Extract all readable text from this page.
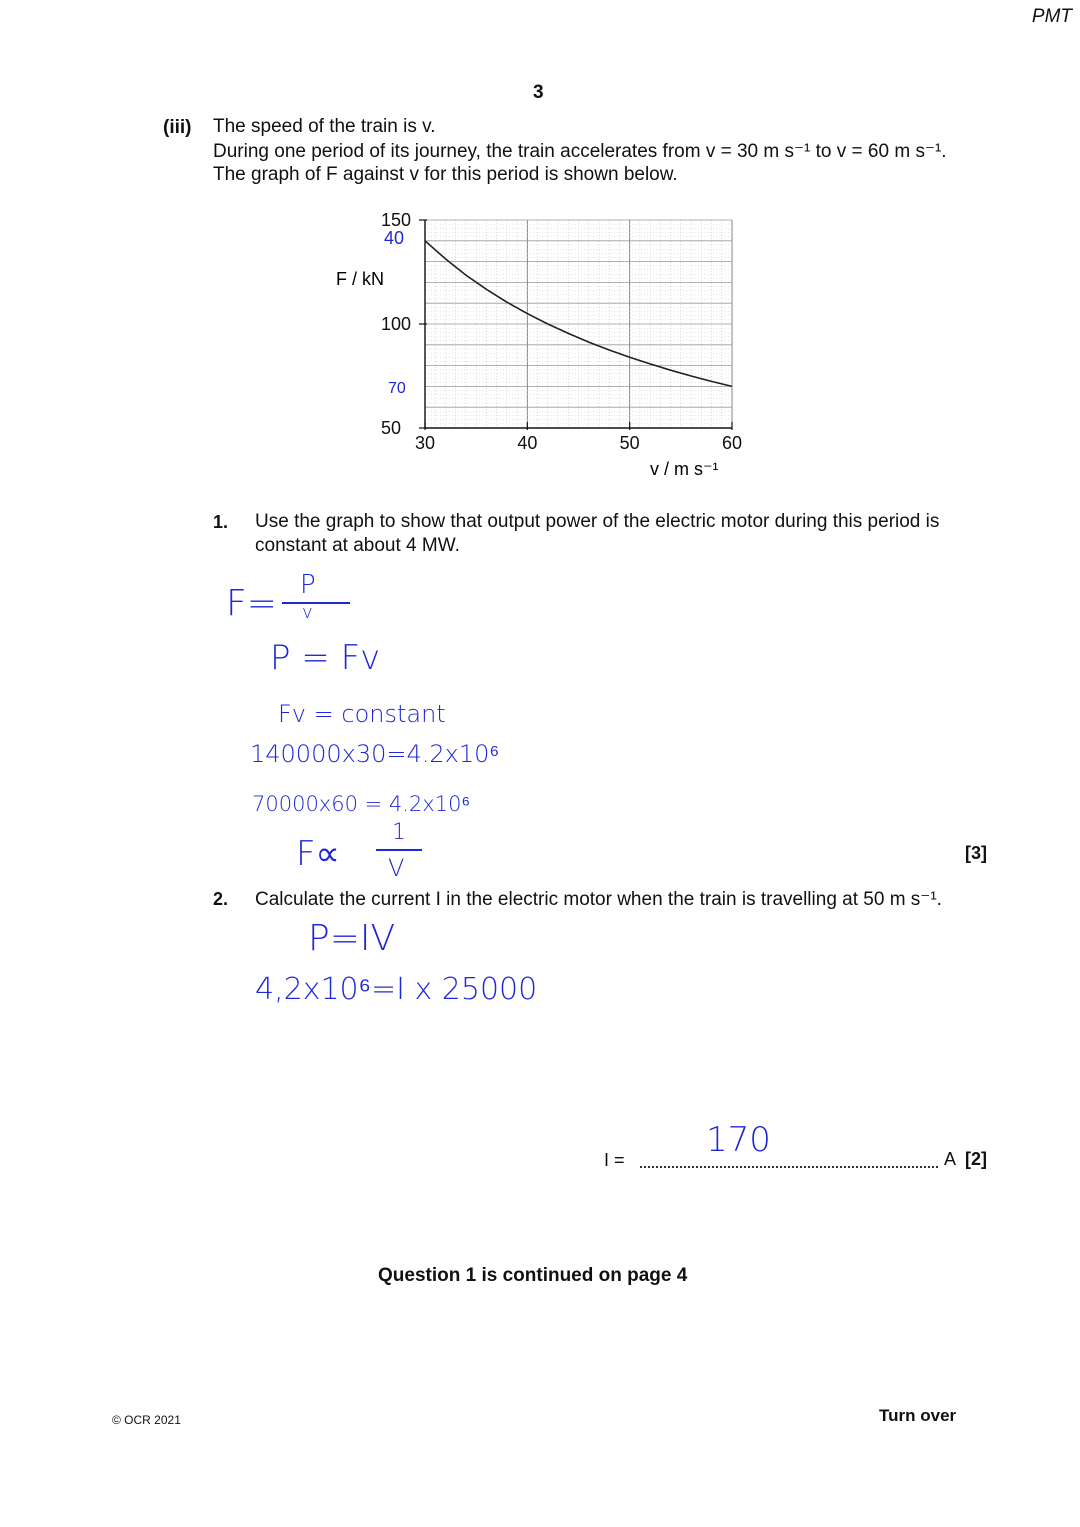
PMT
3
(iii) The speed of the train is v.
During one period of its journey, the train accelerates from v = 30 m s⁻¹ to v = 60 m s⁻¹.
The graph of F against v for this period is shown below.
30	40	50	60
150
100
50
F / kN
v / m s⁻¹
40
70
1. Use the graph to show that output power of the electric motor during this period is
constant at about 4 MW.
F= P
v
P = Fv
Fv = constant
140000x30=4.2x10⁶
70000x60 = 4.2x10⁶
F∝
1
V
[3]
2. Calculate the current I in the electric motor when the train is travelling at 50 m s⁻¹.
P=IV
4,2x10⁶=I x 25000
I = 170	A [2]
Question 1 is continued on page 4
© OCR 2021	Turn over
